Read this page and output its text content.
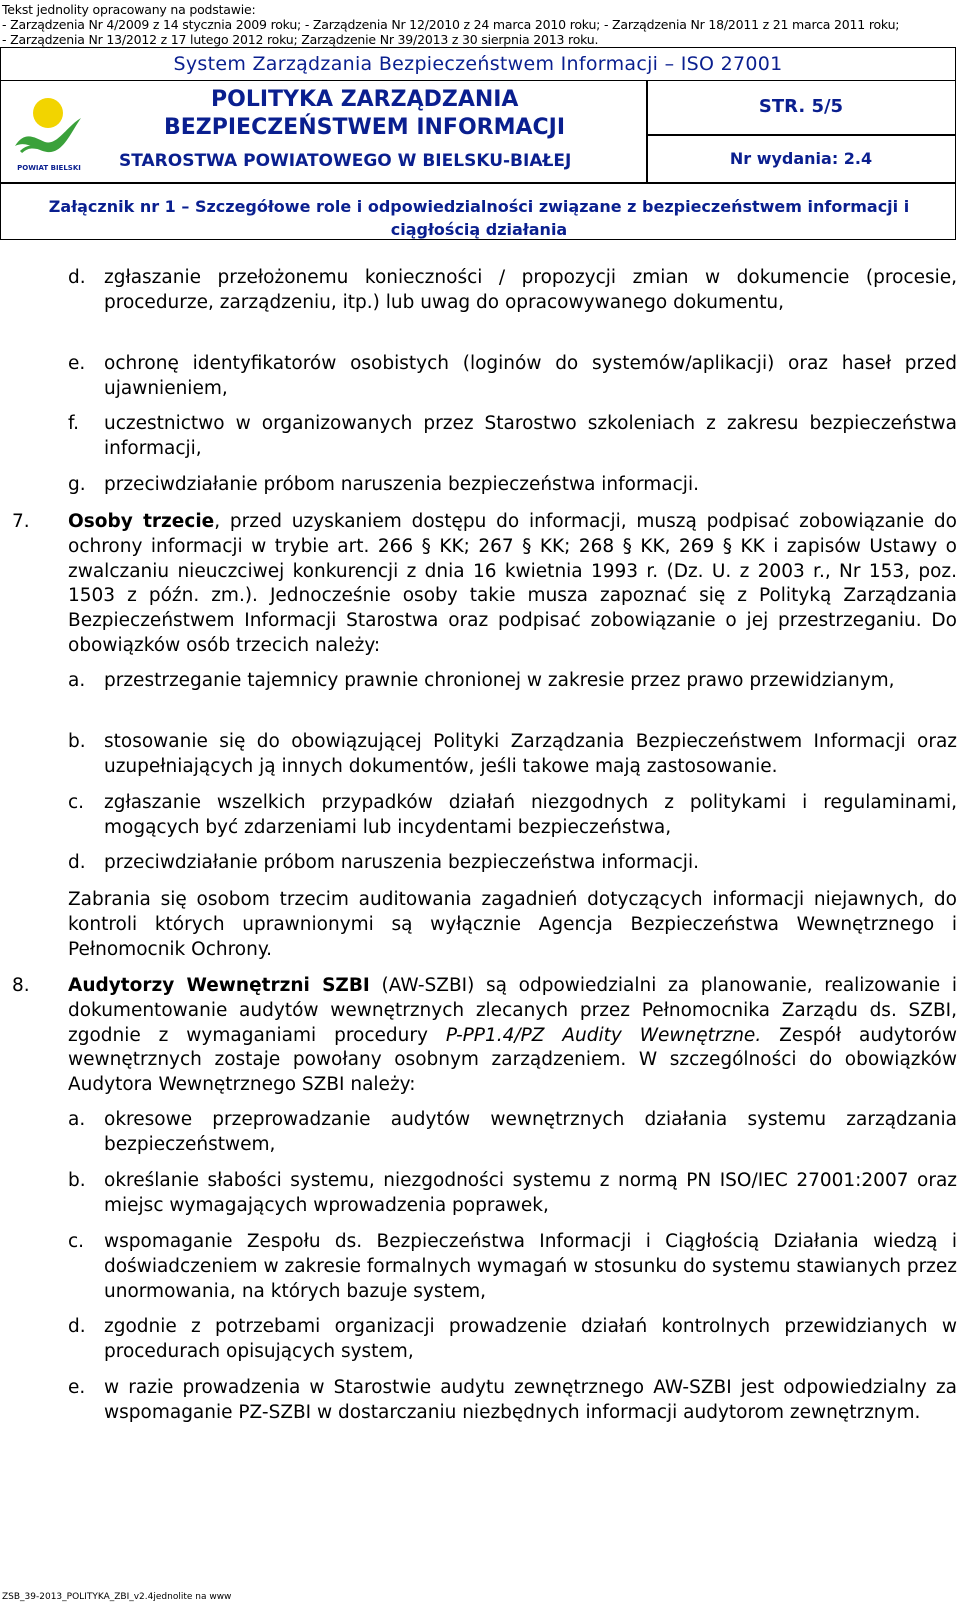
Tekst jednolity opracowany na podstawie:
- Zarządzenia Nr 4/2009 z 14 stycznia 2009 roku; - Zarządzenia Nr 12/2010 z 24 marca 2010 roku; - Zarządzenia Nr 18/2011 z 21 marca 2011 roku;
- Zarządzenia Nr 13/2012 z 17 lutego 2012 roku; Zarządzenie Nr 39/2013 z 30 sierpnia 2013 roku.
System Zarządzania Bezpieczeństwem Informacji – ISO 27001
POWIAT BIELSKI
POLITYKA ZARZĄDZANIA
BEZPIECZEŃSTWEM INFORMACJI
STAROSTWA POWIATOWEGO W BIELSKU-BIAŁEJ
STR. 5/5
Nr wydania: 2.4
Załącznik nr 1 – Szczegółowe role i odpowiedzialności związane z bezpieczeństwem informacji i
ciągłością działania
d. zgłaszanie przełożonemu konieczności / propozycji zmian w dokumencie (procesie, procedurze, zarządzeniu, itp.) lub uwag do opracowywanego dokumentu,
e. ochronę identyfikatorów osobistych (loginów do systemów/aplikacji) oraz haseł przed ujawnieniem,
f. uczestnictwo w organizowanych przez Starostwo szkoleniach z zakresu bezpieczeństwa informacji,
g. przeciwdziałanie próbom naruszenia bezpieczeństwa informacji.
7. Osoby trzecie, przed uzyskaniem dostępu do informacji, muszą podpisać zobowiązanie do ochrony informacji w trybie art. 266 § KK; 267 § KK; 268 § KK, 269 § KK i zapisów Ustawy o zwalczaniu nieuczciwej konkurencji z dnia 16 kwietnia 1993 r. (Dz. U. z 2003 r., Nr 153, poz. 1503 z późn. zm.). Jednocześnie osoby takie musza zapoznać się z Polityką Zarządzania Bezpieczeństwem Informacji Starostwa oraz podpisać zobowiązanie o jej przestrzeganiu. Do obowiązków osób trzecich należy:
a. przestrzeganie tajemnicy prawnie chronionej w zakresie przez prawo przewidzianym,
b. stosowanie się do obowiązującej Polityki Zarządzania Bezpieczeństwem Informacji oraz uzupełniających ją innych dokumentów, jeśli takowe mają zastosowanie.
c. zgłaszanie wszelkich przypadków działań niezgodnych z politykami i regulaminami, mogących być zdarzeniami lub incydentami bezpieczeństwa,
d. przeciwdziałanie próbom naruszenia bezpieczeństwa informacji.
Zabrania się osobom trzecim auditowania zagadnień dotyczących informacji niejawnych, do kontroli których uprawnionymi są wyłącznie Agencja Bezpieczeństwa Wewnętrznego i Pełnomocnik Ochrony.
8. Audytorzy Wewnętrzni SZBI (AW-SZBI) są odpowiedzialni za planowanie, realizowanie i dokumentowanie audytów wewnętrznych zlecanych przez Pełnomocnika Zarządu ds. SZBI, zgodnie z wymaganiami procedury P-PP1.4/PZ Audity Wewnętrzne. Zespół audytorów wewnętrznych zostaje powołany osobnym zarządzeniem. W szczególności do obowiązków Audytora Wewnętrznego SZBI należy:
a. okresowe przeprowadzanie audytów wewnętrznych działania systemu zarządzania bezpieczeństwem,
b. określanie słabości systemu, niezgodności systemu z normą PN ISO/IEC 27001:2007 oraz miejsc wymagających wprowadzenia poprawek,
c. wspomaganie Zespołu ds. Bezpieczeństwa Informacji i Ciągłością Działania wiedzą i doświadczeniem w zakresie formalnych wymagań w stosunku do systemu stawianych przez unormowania, na których bazuje system,
d. zgodnie z potrzebami organizacji prowadzenie działań kontrolnych przewidzianych w procedurach opisujących system,
e. w razie prowadzenia w Starostwie audytu zewnętrznego AW-SZBI jest odpowiedzialny za wspomaganie PZ-SZBI w dostarczaniu niezbędnych informacji audytorom zewnętrznym.
ZSB_39-2013_POLITYKA_ZBI_v2.4jednolite na www
